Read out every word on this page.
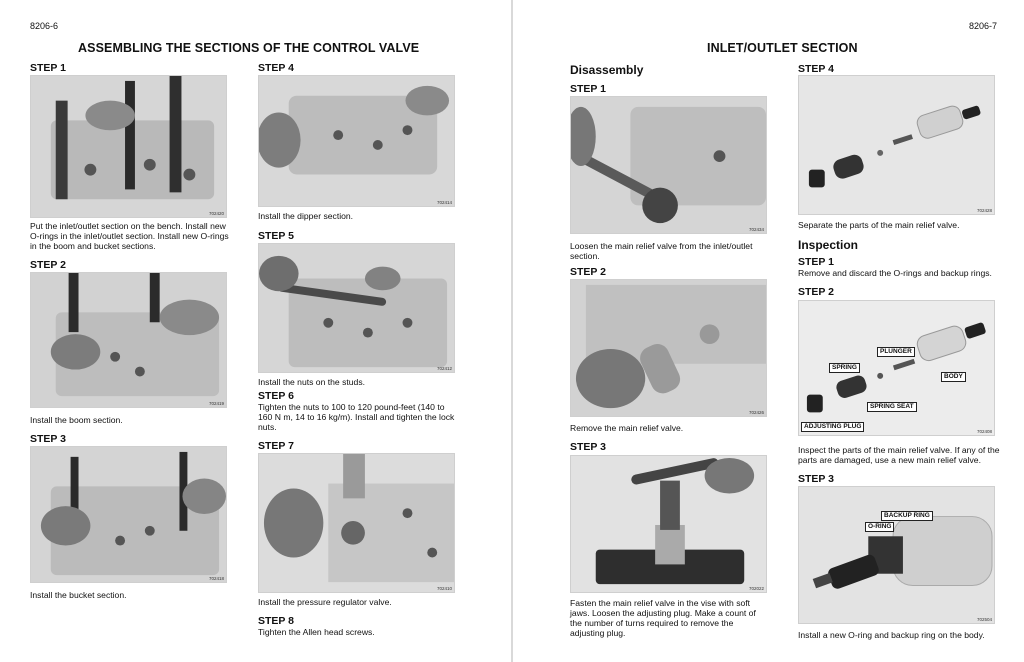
8206-6
ASSEMBLING THE SECTIONS OF THE CONTROL VALVE
STEP 1
702420
Put the inlet/outlet section on the bench. Install new O-rings in the inlet/outlet section. Install new O-rings in the boom and bucket sections.
STEP 2
702419
Install the boom section.
STEP 3
702418
Install the bucket section.
STEP 4
702414
Install the dipper section.
STEP 5
702412
Install the nuts on the studs.
STEP 6
Tighten the nuts to 100 to 120 pound-feet (140 to 160 N m, 14 to 16 kg/m). Install and tighten the lock nuts.
STEP 7
702410
Install the pressure regulator valve.
STEP 8
Tighten the Allen head screws.
8206-7
INLET/OUTLET SECTION
Disassembly
STEP 1
702434
Loosen the main relief valve from the inlet/outlet section.
STEP 2
702426
Remove the main relief valve.
STEP 3
702022
Fasten the main relief valve in the vise with soft jaws. Loosen the adjusting plug. Make a count of the number of turns required to remove the adjusting plug.
STEP 4
702428
Separate the parts of the main relief valve.
Inspection
STEP 1
Remove and discard the O-rings and backup rings.
STEP 2
PLUNGER
SPRING
BODY
SPRING SEAT
ADJUSTING PLUG
702408
Inspect the parts of the main relief valve. If any of the parts are damaged, use a new main relief valve.
STEP 3
BACKUP RING
O-RING
702504
Install a new O-ring and backup ring on the body.
